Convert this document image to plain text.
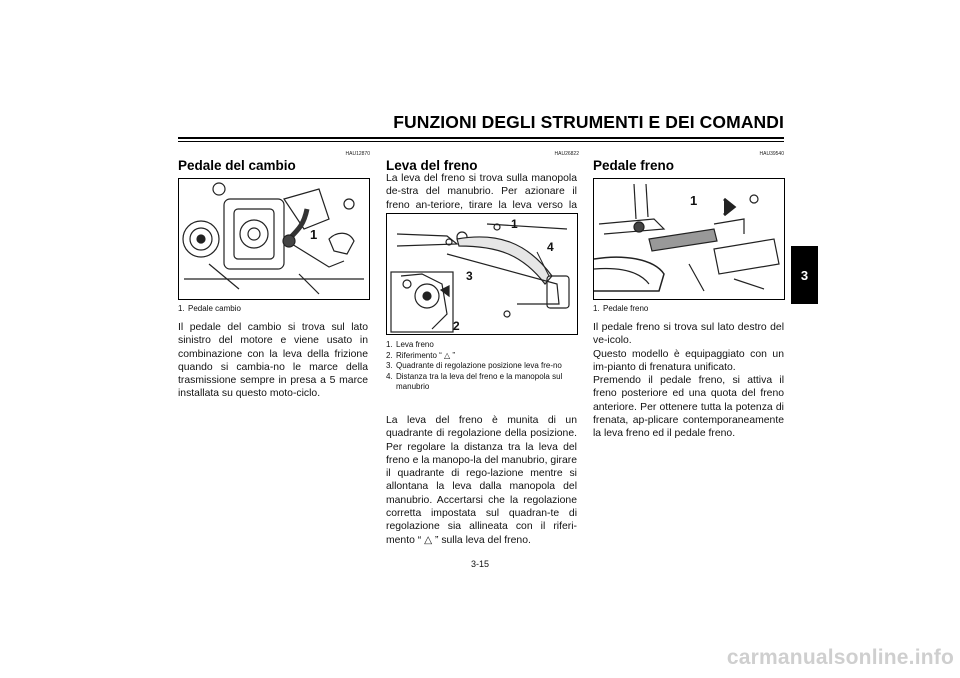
FUNZIONI DEGLI STRUMENTI E DEI COMANDI
3
HAU12870
Pedale del cambio
1
1. Pedale cambio
Il pedale del cambio si trova sul lato sinistro del motore e viene usato in combinazione con la leva della frizione quando si cambia-no le marce della trasmissione sempre in presa a 5 marce installata su questo moto-ciclo.
HAU26822
Leva del freno
La leva del freno si trova sulla manopola de-stra del manubrio. Per azionare il freno an-teriore, tirare la leva verso la
1
4
3
2
1. Leva freno
2. Riferimento “ △ ”
3. Quadrante di regolazione posizione leva fre-no
4. Distanza tra la leva del freno e la manopola sul manubrio
La leva del freno è munita di un quadrante di regolazione della posizione. Per regolare la distanza tra la leva del freno e la manopo-la del manubrio, girare il quadrante di rego-lazione mentre si allontana la leva dalla manopola del manubrio. Accertarsi che la regolazione corretta impostata sul quadran-te di regolazione sia allineata con il riferi-mento “ △ ” sulla leva del freno.
HAU39540
Pedale freno
1
1. Pedale freno
Il pedale freno si trova sul lato destro del ve-icolo.
Questo modello è equipaggiato con un im-pianto di frenatura unificato.
Premendo il pedale freno, si attiva il freno posteriore ed una quota del freno anteriore. Per ottenere tutta la potenza di frenata, ap-plicare contemporaneamente la leva freno ed il pedale freno.
3-15
carmanualsonline.info
